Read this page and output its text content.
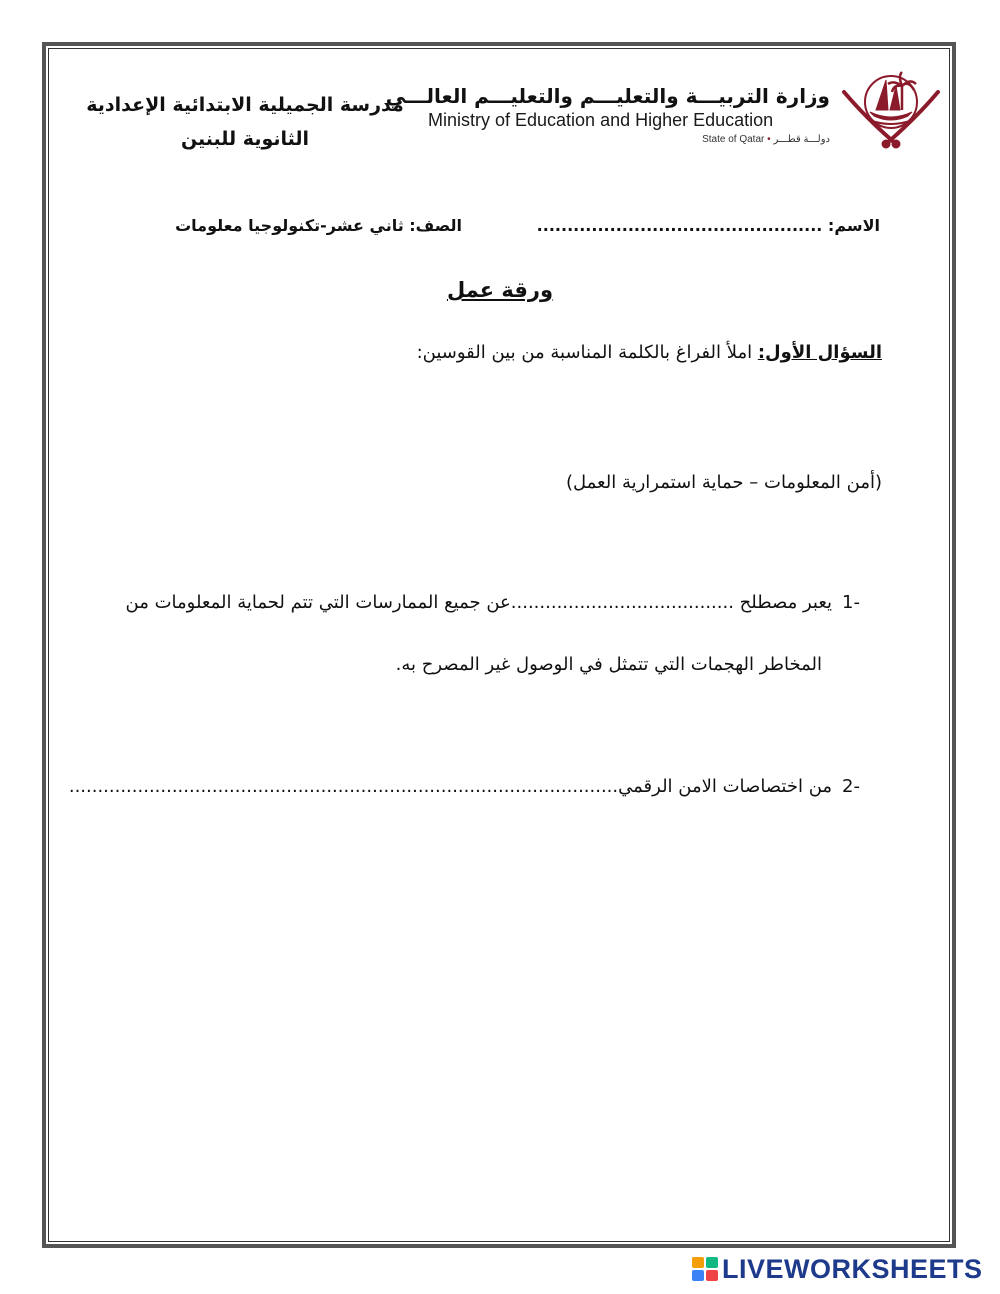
مدرسة الجميلية الابتدائية الإعدادية
الثانوية للبنين
وزارة التربيـــة والتعليـــم والتعليـــم العالـــي
Ministry of Education and Higher Education
State of Qatar • دولـــة قطـــر
الاسم: ...............................................
الصف: ثاني عشر-تكنولوجيا معلومات
ورقة عمل
السؤال الأول: املأ الفراغ بالكلمة المناسبة من بين القوسين:
(أمن المعلومات – حماية استمرارية العمل)
-1يعبر مصطلح .......................................عن جميع الممارسات التي تتم لحماية المعلومات من
المخاطر الهجمات التي تتمثل في الوصول غير المصرح به.
-2من اختصاصات الامن الرقمي................................................................................................
LIVEWORKSHEETS
